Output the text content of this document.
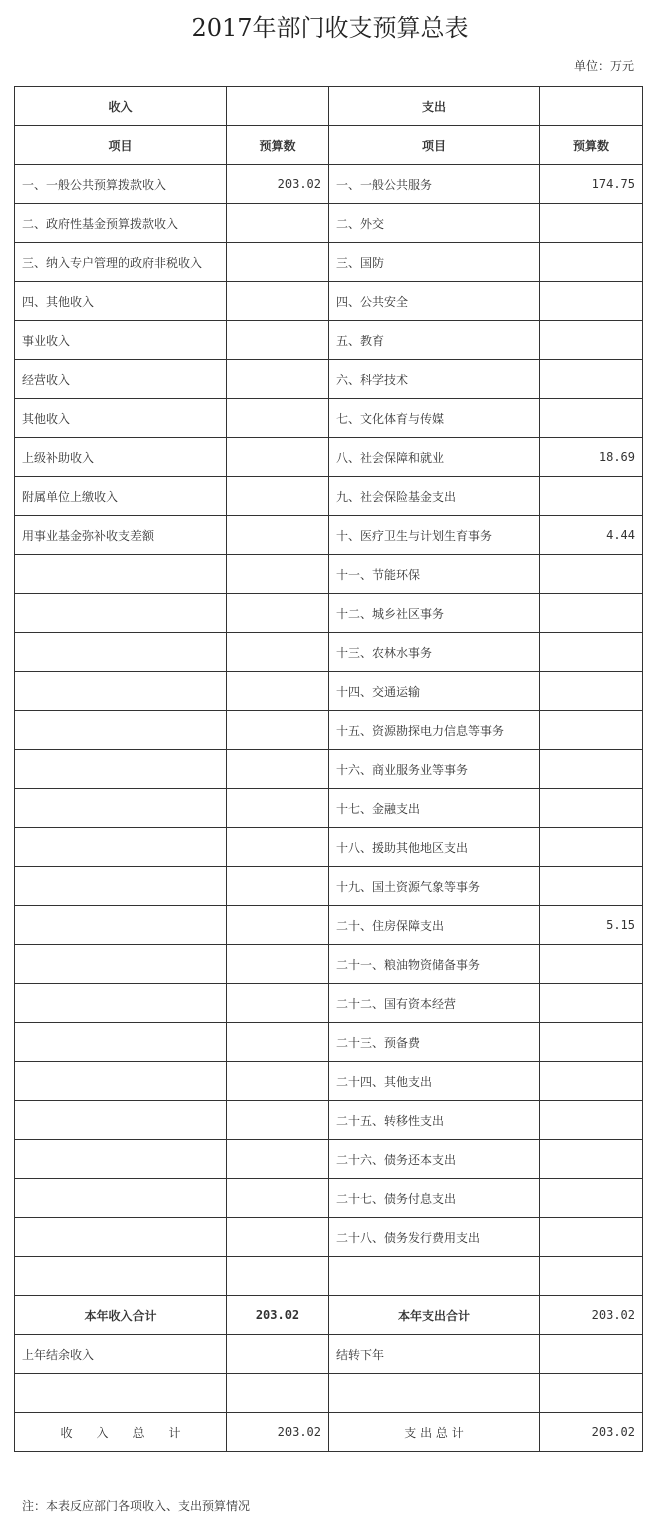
2017年部门收支预算总表
单位：万元
收入		支出	
项目	预算数	项目	预算数
一、一般公共预算拨款收入	203.02	一、一般公共服务	174.75
二、政府性基金预算拨款收入		二、外交	
三、纳入专户管理的政府非税收入		三、国防	
四、其他收入		四、公共安全	
事业收入		五、教育	
经营收入		六、科学技术	
其他收入		七、文化体育与传媒	
上级补助收入		八、社会保障和就业	18.69
附属单位上缴收入		九、社会保险基金支出	
用事业基金弥补收支差额		十、医疗卫生与计划生育事务	4.44
		十一、节能环保	
		十二、城乡社区事务	
		十三、农林水事务	
		十四、交通运输	
		十五、资源勘探电力信息等事务	
		十六、商业服务业等事务	
		十七、金融支出	
		十八、援助其他地区支出	
		十九、国土资源气象等事务	
		二十、住房保障支出	5.15
		二十一、粮油物资储备事务	
		二十二、国有资本经营	
		二十三、预备费	
		二十四、其他支出	
		二十五、转移性支出	
		二十六、债务还本支出	
		二十七、债务付息支出	
		二十八、债务发行费用支出	

本年收入合计	203.02	本年支出合计	203.02
上年结余收入		结转下年	

收　　入　　总　　计	203.02	支 出 总 计	203.02
注：本表反应部门各项收入、支出预算情况
